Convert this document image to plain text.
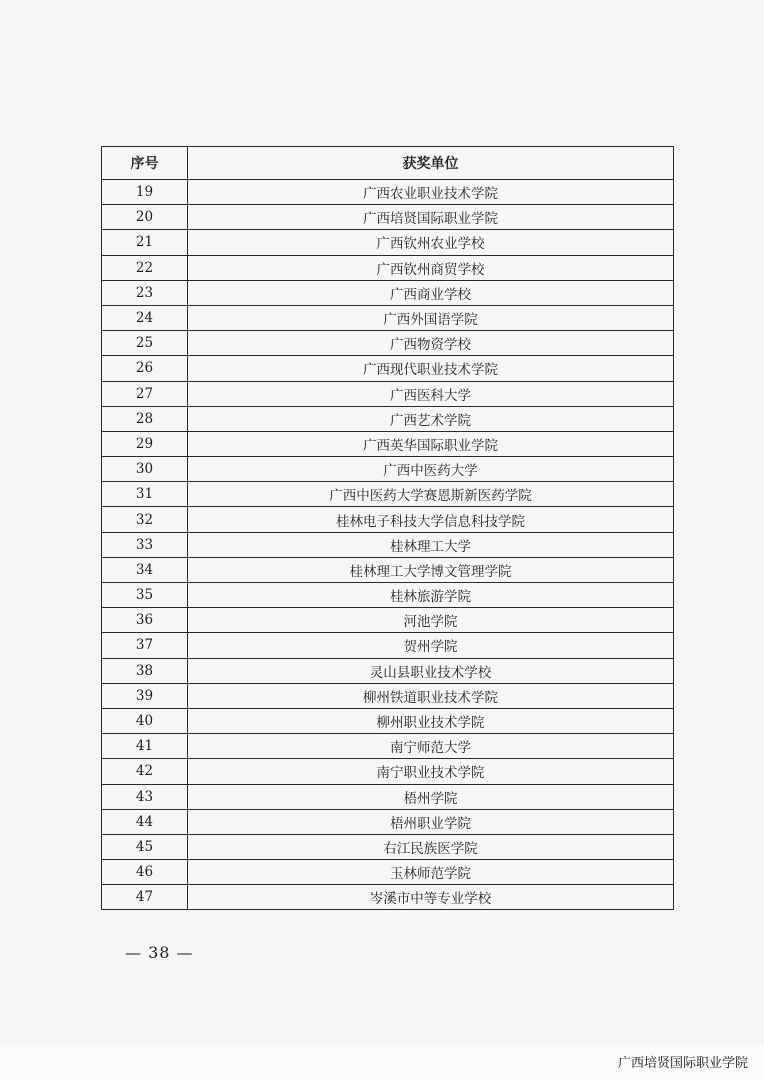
序号	获奖单位
19	广西农业职业技术学院
20	广西培贤国际职业学院
21	广西钦州农业学校
22	广西钦州商贸学校
23	广西商业学校
24	广西外国语学院
25	广西物资学校
26	广西现代职业技术学院
27	广西医科大学
28	广西艺术学院
29	广西英华国际职业学院
30	广西中医药大学
31	广西中医药大学赛恩斯新医药学院
32	桂林电子科技大学信息科技学院
33	桂林理工大学
34	桂林理工大学博文管理学院
35	桂林旅游学院
36	河池学院
37	贺州学院
38	灵山县职业技术学校
39	柳州铁道职业技术学院
40	柳州职业技术学院
41	南宁师范大学
42	南宁职业技术学院
43	梧州学院
44	梧州职业学院
45	右江民族医学院
46	玉林师范学院
47	岑溪市中等专业学校
— 38 —
广西培贤国际职业学院
